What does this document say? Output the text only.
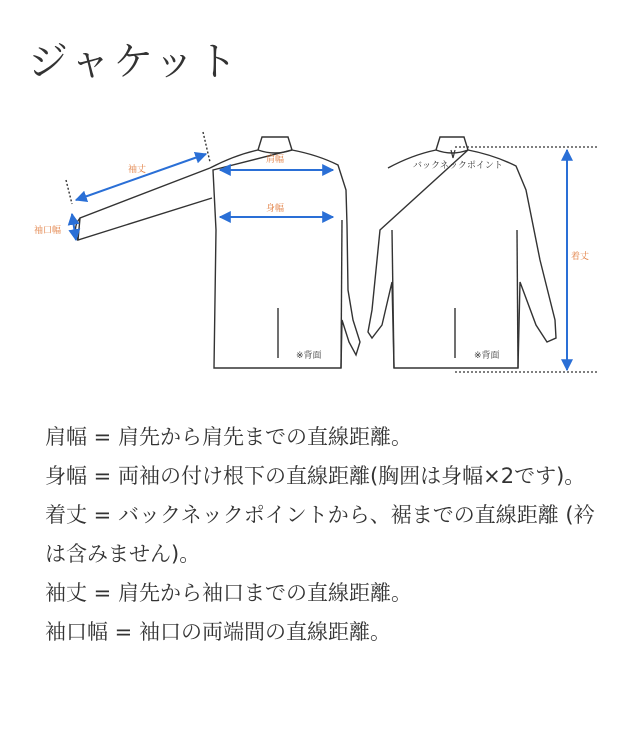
ジャケット
袖丈
肩幅
身幅
袖口幅
※背面
バックネックポイント
※背面
着丈
肩幅 = 肩先から肩先までの直線距離。
身幅 = 両袖の付け根下の直線距離(胸囲は身幅×2です)。
着丈 = バックネックポイントから、裾までの直線距離 (衿は含みません)。
袖丈 = 肩先から袖口までの直線距離。
袖口幅 = 袖口の両端間の直線距離。
